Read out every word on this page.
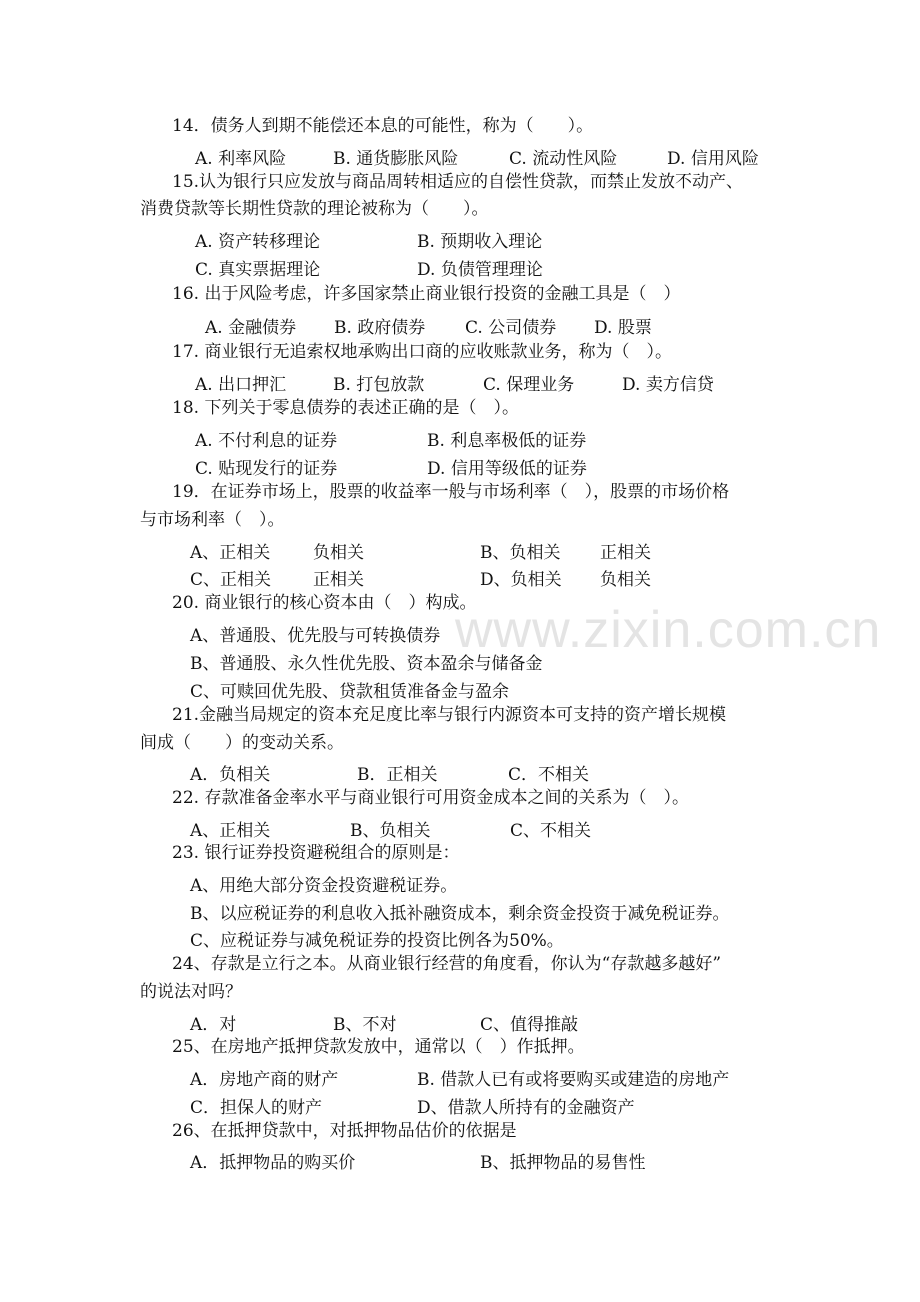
www.zixin.com.cn
14．债务人到期不能偿还本息的可能性，称为（　　）。
A. 利率风险	B. 通货膨胀风险	C. 流动性风险	D. 信用风险
15.认为银行只应发放与商品周转相适应的自偿性贷款，而禁止发放不动产、
消费贷款等长期性贷款的理论被称为（　　）。
A. 资产转移理论	B. 预期收入理论
C. 真实票据理论	D. 负债管理理论
16. 出于风险考虑，许多国家禁止商业银行投资的金融工具是（　）
A. 金融债券 B. 政府债券 C. 公司债券 D. 股票
17. 商业银行无追索权地承购出口商的应收账款业务，称为（　）。
A. 出口押汇	B. 打包放款	C. 保理业务	D. 卖方信贷
18. 下列关于零息债券的表述正确的是（　）。
A. 不付利息的证券	B. 利息率极低的证券
C. 贴现发行的证券	D. 信用等级低的证券
19．在证券市场上，股票的收益率一般与市场利率（　），股票的市场价格
与市场利率（　）。
A、正相关	负相关	B、负相关 正相关
C、正相关 正相关	D、负相关 负相关
20. 商业银行的核心资本由（　）构成。
A、普通股、优先股与可转换债券
B、普通股、永久性优先股、资本盈余与储备金
C、可赎回优先股、贷款租赁准备金与盈余
21.金融当局规定的资本充足度比率与银行内源资本可支持的资产增长规模
间成（　　）的变动关系。
A．负相关	B．正相关	C．不相关
22. 存款准备金率水平与商业银行可用资金成本之间的关系为（　）。
A、正相关	B、负相关	C、不相关
23. 银行证券投资避税组合的原则是：
A、用绝大部分资金投资避税证券。
B、以应税证券的利息收入抵补融资成本，剩余资金投资于减免税证券。
C、应税证券与减免税证券的投资比例各为50%。
24、存款是立行之本。从商业银行经营的角度看，你认为“存款越多越好”
的说法对吗？
A．对	B、不对	C、值得推敲
25、在房地产抵押贷款发放中，通常以（　）作抵押。
A．房地产商的财产	B. 借款人已有或将要购买或建造的房地产
C．担保人的财产	D、借款人所持有的金融资产
26、在抵押贷款中，对抵押物品估价的依据是
A．抵押物品的购买价	B、抵押物品的易售性
